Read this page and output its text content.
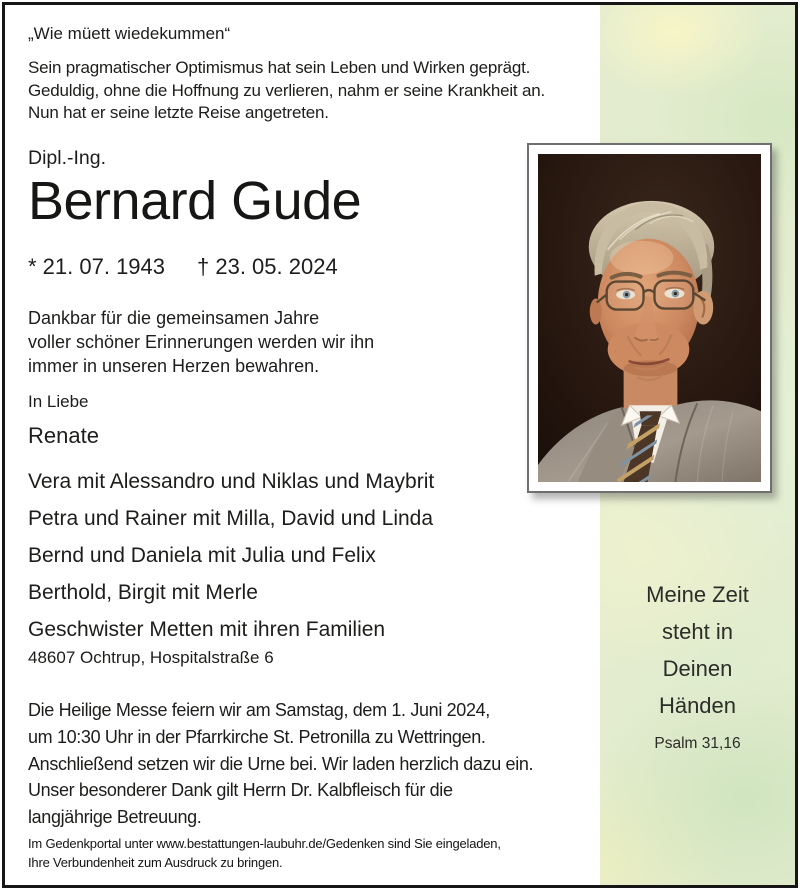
„Wie müett wiedekummen“
Sein pragmatischer Optimismus hat sein Leben und Wirken geprägt.
Geduldig, ohne die Hoffnung zu verlieren, nahm er seine Krankheit an.
Nun hat er seine letzte Reise angetreten.
Dipl.-Ing.
Bernard Gude
* 21. 07. 1943 † 23. 05. 2024
Dankbar für die gemeinsamen Jahre
voller schöner Erinnerungen werden wir ihn
immer in unseren Herzen bewahren.
In Liebe
Renate
Vera mit Alessandro und Niklas und Maybrit
Petra und Rainer mit Milla, David und Linda
Bernd und Daniela mit Julia und Felix
Berthold, Birgit mit Merle
Geschwister Metten mit ihren Familien
48607 Ochtrup, Hospitalstraße 6
Die Heilige Messe feiern wir am Samstag, dem 1. Juni 2024,
um 10:30 Uhr in der Pfarrkirche St. Petronilla zu Wettringen.
Anschließend setzen wir die Urne bei. Wir laden herzlich dazu ein.
Unser besonderer Dank gilt Herrn Dr. Kalbfleisch für die
langjährige Betreuung.
Im Gedenkportal unter www.bestattungen-laubuhr.de/Gedenken sind Sie eingeladen,
Ihre Verbundenheit zum Ausdruck zu bringen.
Meine Zeit
steht in
Deinen
Händen
Psalm 31,16
